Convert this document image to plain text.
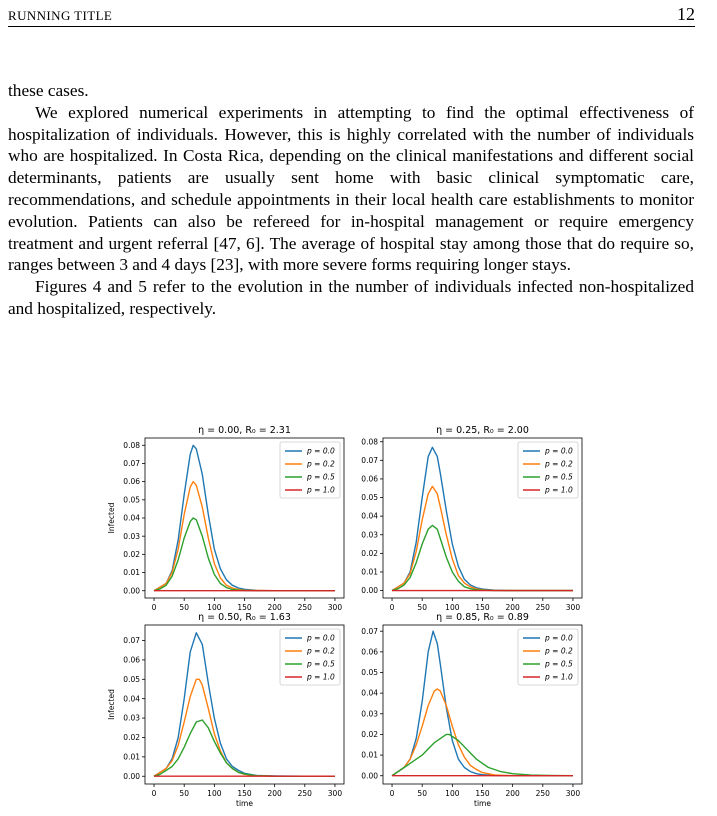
RUNNING TITLE	12

these cases.

We explored numerical experiments in attempting to find the optimal effectiveness of hospitalization of individuals. However, this is highly correlated with the number of individuals who are hospitalized. In Costa Rica, depending on the clinical manifestations and different social determinants, patients are usually sent home with basic clinical symptomatic care, recommendations, and schedule appointments in their local health care establishments to monitor evolution. Patients can also be refereed for in-hospital management or require emergency treatment and urgent referral [47, 6]. The average of hospital stay among those that do require so, ranges between 3 and 4 days [23], with more severe forms requiring longer stays.

Figures 4 and 5 refer to the evolution in the number of individuals infected non-hospitalized and hospitalized, respectively.

η = 0.00, R₀ = 2.31
0	50 100 150 200 250 300
0.00
0.01
0.02
0.03
0.04
0.05
0.06
0.07
0.08
Infected
p = 0.0
p = 0.2
p = 0.5
p = 1.0
η = 0.25, R₀ = 2.00
0	50 100 150 200 250 300
0.00
0.01
0.02
0.03
0.04
0.05
0.06
0.07
0.08
p = 0.0
p = 0.2
p = 0.5
p = 1.0
η = 0.50, R₀ = 1.63
0	50 100 150 200 250 300
0.00
0.01
0.02
0.03
0.04
0.05
0.06
0.07
time
Infected
p = 0.0
p = 0.2
p = 0.5
p = 1.0
η = 0.85, R₀ = 0.89
0	50 100 150 200 250 300
0.00
0.01
0.02
0.03
0.04
0.05
0.06
0.07
time
p = 0.0
p = 0.2
p = 0.5
p = 1.0
